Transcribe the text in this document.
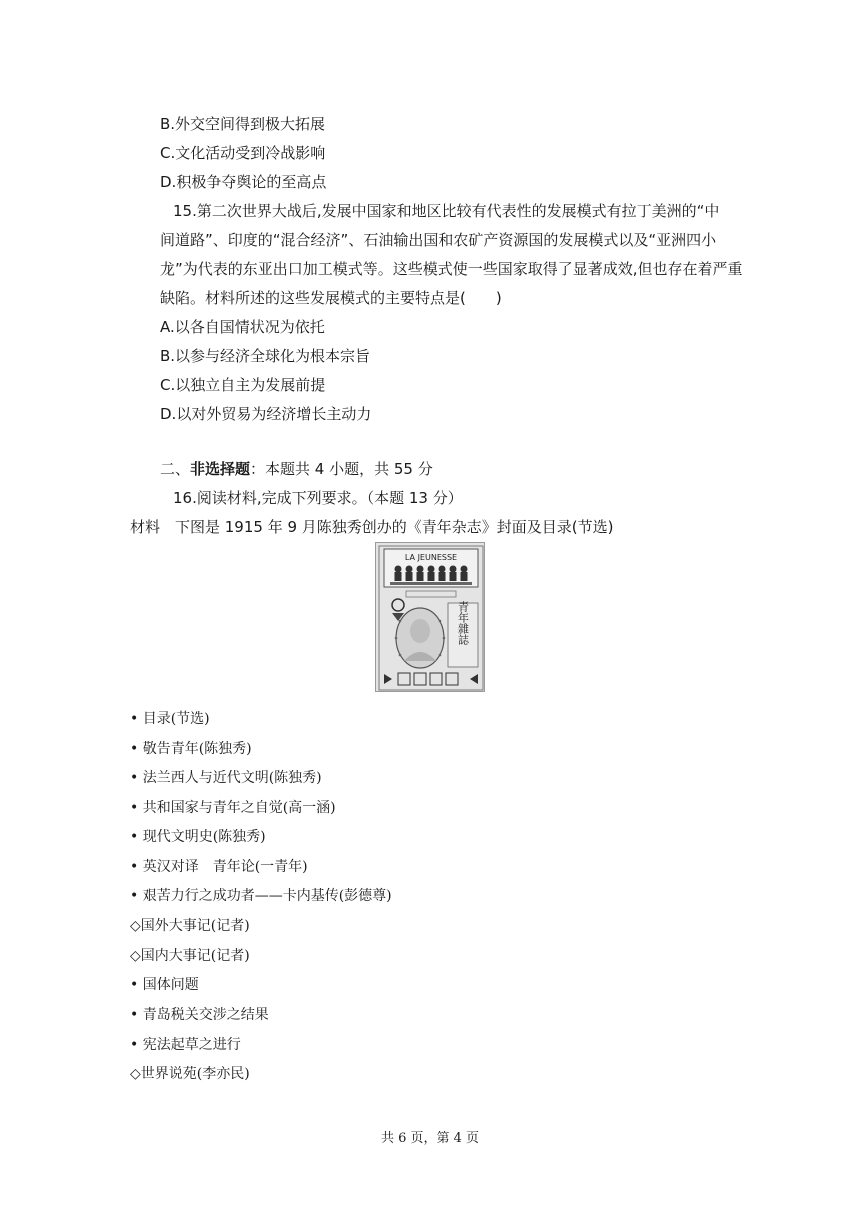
B.外交空间得到极大拓展
C.文化活动受到冷战影响
D.积极争夺舆论的至高点
15.第二次世界大战后,发展中国家和地区比较有代表性的发展模式有拉丁美洲的“中
间道路”、印度的“混合经济”、石油输出国和农矿产资源国的发展模式以及“亚洲四小
龙”为代表的东亚出口加工模式等。这些模式使一些国家取得了显著成效,但也存在着严重
缺陷。材料所述的这些发展模式的主要特点是(　　)
A.以各自国情状况为依托
B.以参与经济全球化为根本宗旨
C.以独立自主为发展前提
D.以对外贸易为经济增长主动力
二、非选择题：本题共 4 小题，共 55 分
16.阅读材料,完成下列要求。（本题 13 分）
材料　下图是 1915 年 9 月陈独秀创办的《青年杂志》封面及目录(节选)
LA JEUNESSE
青年雜誌
• 目录(节选)
• 敬告青年(陈独秀)
• 法兰西人与近代文明(陈独秀)
• 共和国家与青年之自觉(高一涵)
• 现代文明史(陈独秀)
• 英汉对译　青年论(一青年)
• 艰苦力行之成功者——卡内基传(彭德尊)
◇国外大事记(记者)
◇国内大事记(记者)
• 国体问题
• 青岛税关交涉之结果
• 宪法起草之进行
◇世界说苑(李亦民)
共 6 页，第 4 页
